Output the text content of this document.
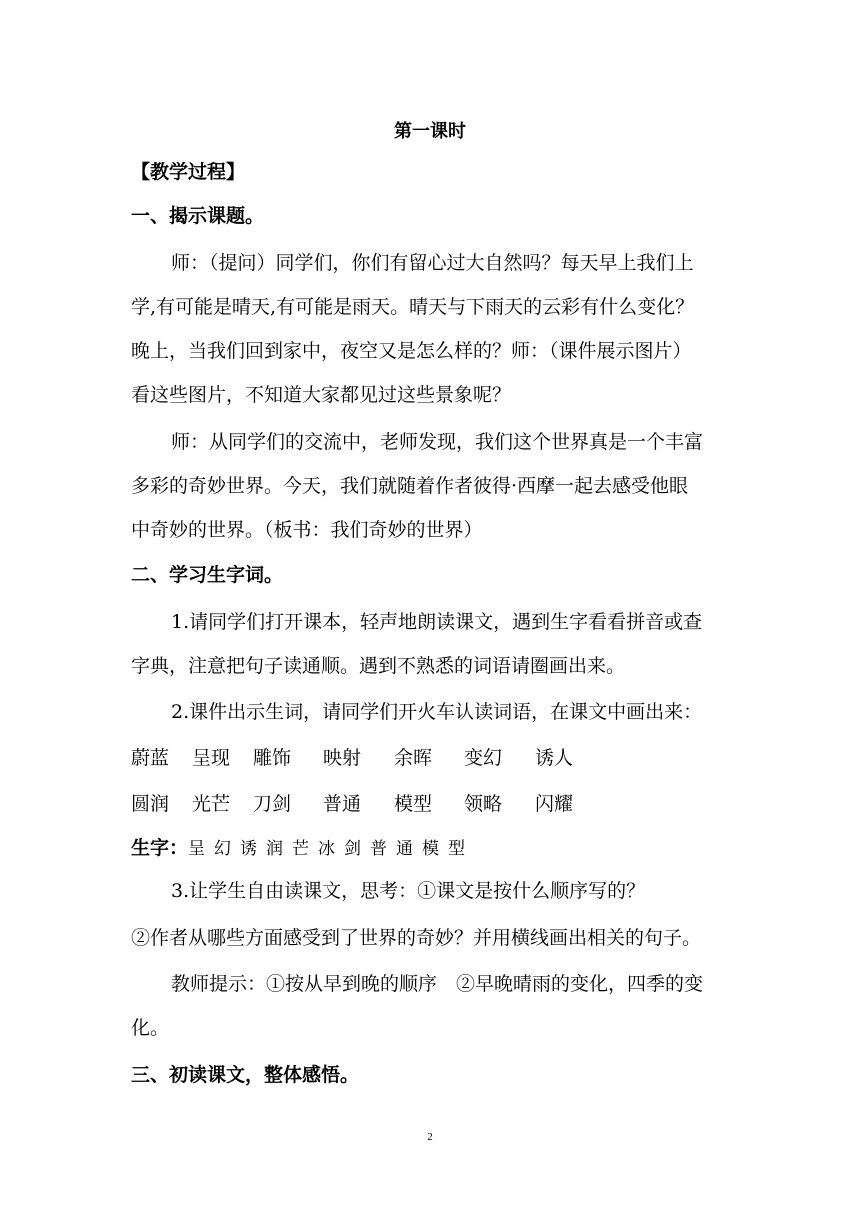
第一课时
【教学过程】
一、揭示课题。
师：（提问）同学们，你们有留心过大自然吗？每天早上我们上
学,有可能是晴天,有可能是雨天。晴天与下雨天的云彩有什么变化？
晚上，当我们回到家中，夜空又是怎么样的？师：（课件展示图片）
看这些图片，不知道大家都见过这些景象呢？
师：从同学们的交流中，老师发现，我们这个世界真是一个丰富
多彩的奇妙世界。今天，我们就随着作者彼得·西摩一起去感受他眼
中奇妙的世界。（板书：我们奇妙的世界）
二、学习生字词。
1.请同学们打开课本，轻声地朗读课文，遇到生字看看拼音或查
字典，注意把句子读通顺。遇到不熟悉的词语请圈画出来。
2.课件出示生词，请同学们开火车认读词语，在课文中画出来：
蔚蓝 呈现 雕饰 映射 余晖 变幻 诱人
圆润 光芒 刀剑 普通 模型 领略 闪耀
生字：呈幻诱润芒冰剑普通模型
3.让学生自由读课文，思考：①课文是按什么顺序写的？
②作者从哪些方面感受到了世界的奇妙？并用横线画出相关的句子。
教师提示：①按从早到晚的顺序　②早晚晴雨的变化，四季的变
化。
三、初读课文，整体感悟。
2
